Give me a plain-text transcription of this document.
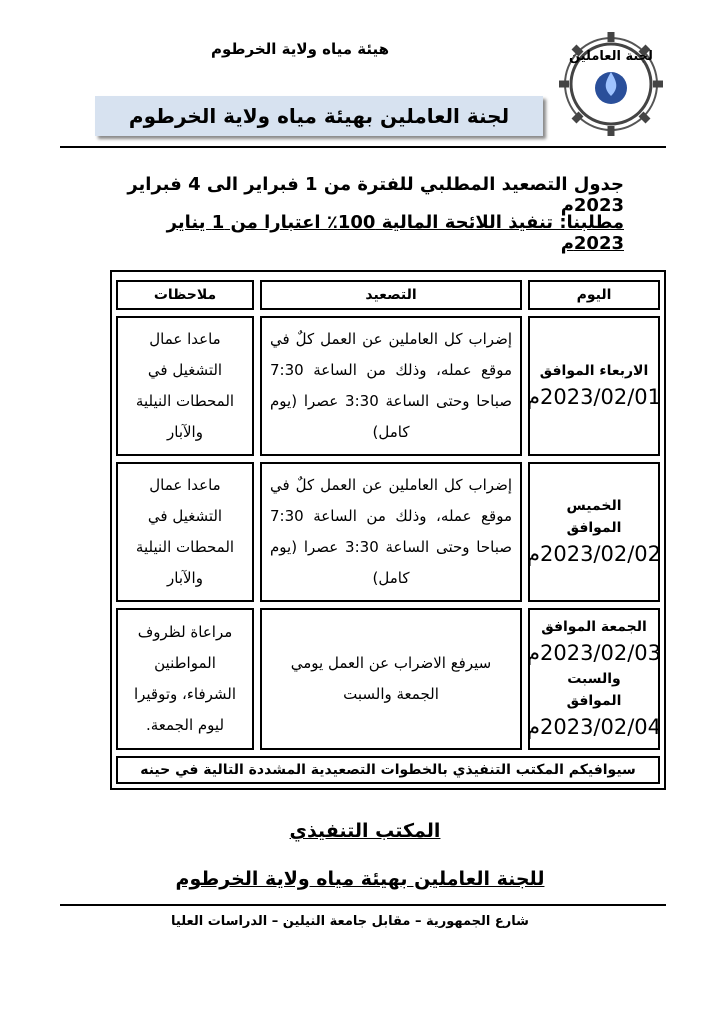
هيئة مياه ولاية الخرطوم	لجنة العاملين
لجنة العاملين بهيئة مياه ولاية الخرطوم
جدول التصعيد المطلبي للفترة من 1 فبراير الى 4 فبراير 2023م
مطلبنا: تنفيذ اللائحة المالية 100٪ اعتبارا من 1 يناير 2023م
اليوم
التصعيد
ملاحظات
الاربعاء الموافق
2023/02/01م
إضراب كل العاملين عن العمل كلٌ في موقع عمله، وذلك من الساعة 7:30 صباحا وحتى الساعة 3:30 عصرا (يوم كامل)
ماعدا عمال التشغيل في المحطات النيلية والآبار
الخميس الموافق
2023/02/02م
إضراب كل العاملين عن العمل كلٌ في موقع عمله، وذلك من الساعة 7:30 صباحا وحتى الساعة 3:30 عصرا (يوم كامل)
ماعدا عمال التشغيل في المحطات النيلية والآبار
الجمعة الموافق
2023/02/03م
والسبت الموافق
2023/02/04م
سيرفع الاضراب عن العمل يومي الجمعة والسبت
مراعاة لظروف المواطنين الشرفاء، وتوقيرا ليوم الجمعة.
سيوافيكم المكتب التنفيذي بالخطوات التصعيدية المشددة التالية في حينه
المكتب التنفيذي
للجنة العاملين بهيئة مياه ولاية الخرطوم
شارع الجمهورية – مقابل جامعة النيلين – الدراسات العليا
